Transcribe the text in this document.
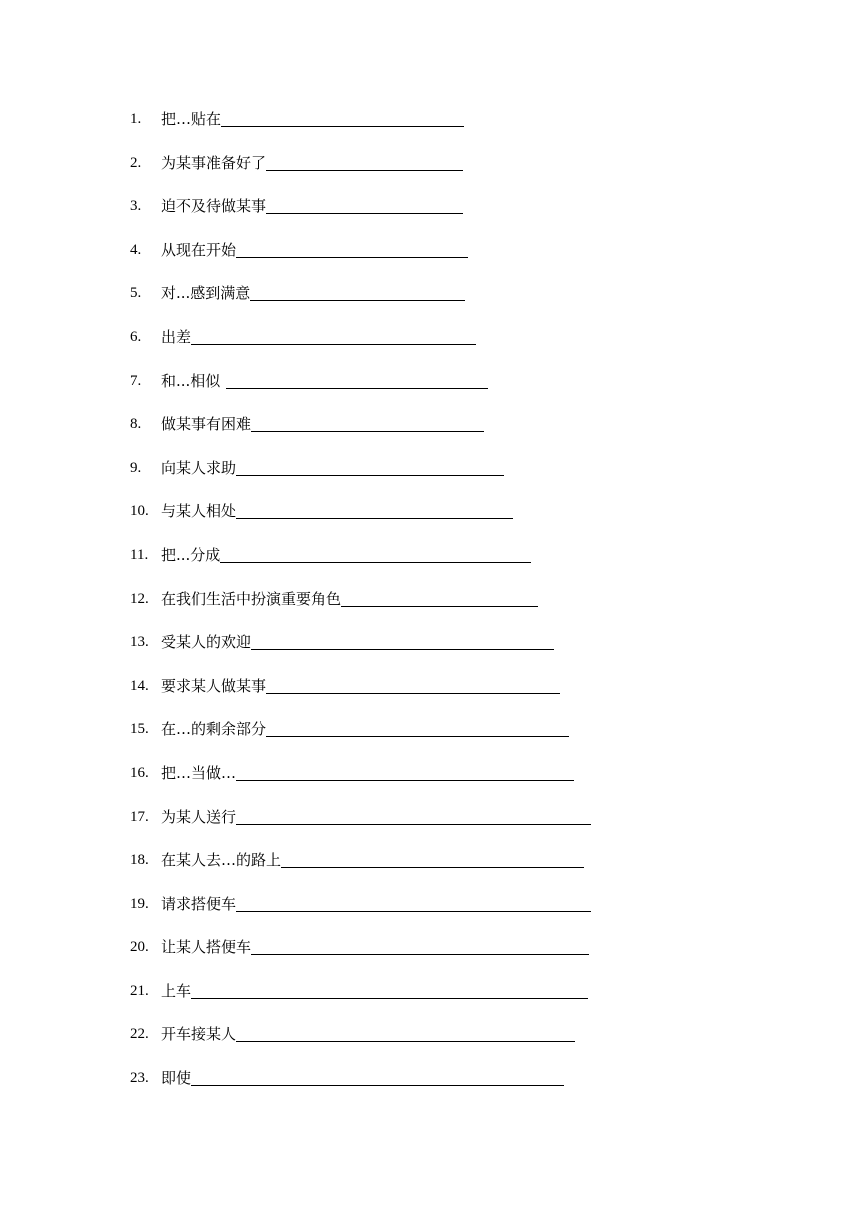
1.	把…贴在
2.	为某事准备好了
3.	迫不及待做某事
4.	从现在开始
5.	对...感到满意
6.	出差
7.	和...相似
8.	做某事有困难
9.	向某人求助
10. 与某人相处
11. 把...分成
12. 在我们生活中扮演重要角色
13. 受某人的欢迎
14. 要求某人做某事
15. 在…的剩余部分
16. 把…当做…
17. 为某人送行
18. 在某人去…的路上
19. 请求搭便车
20. 让某人搭便车
21. 上车
22. 开车接某人
23. 即使
